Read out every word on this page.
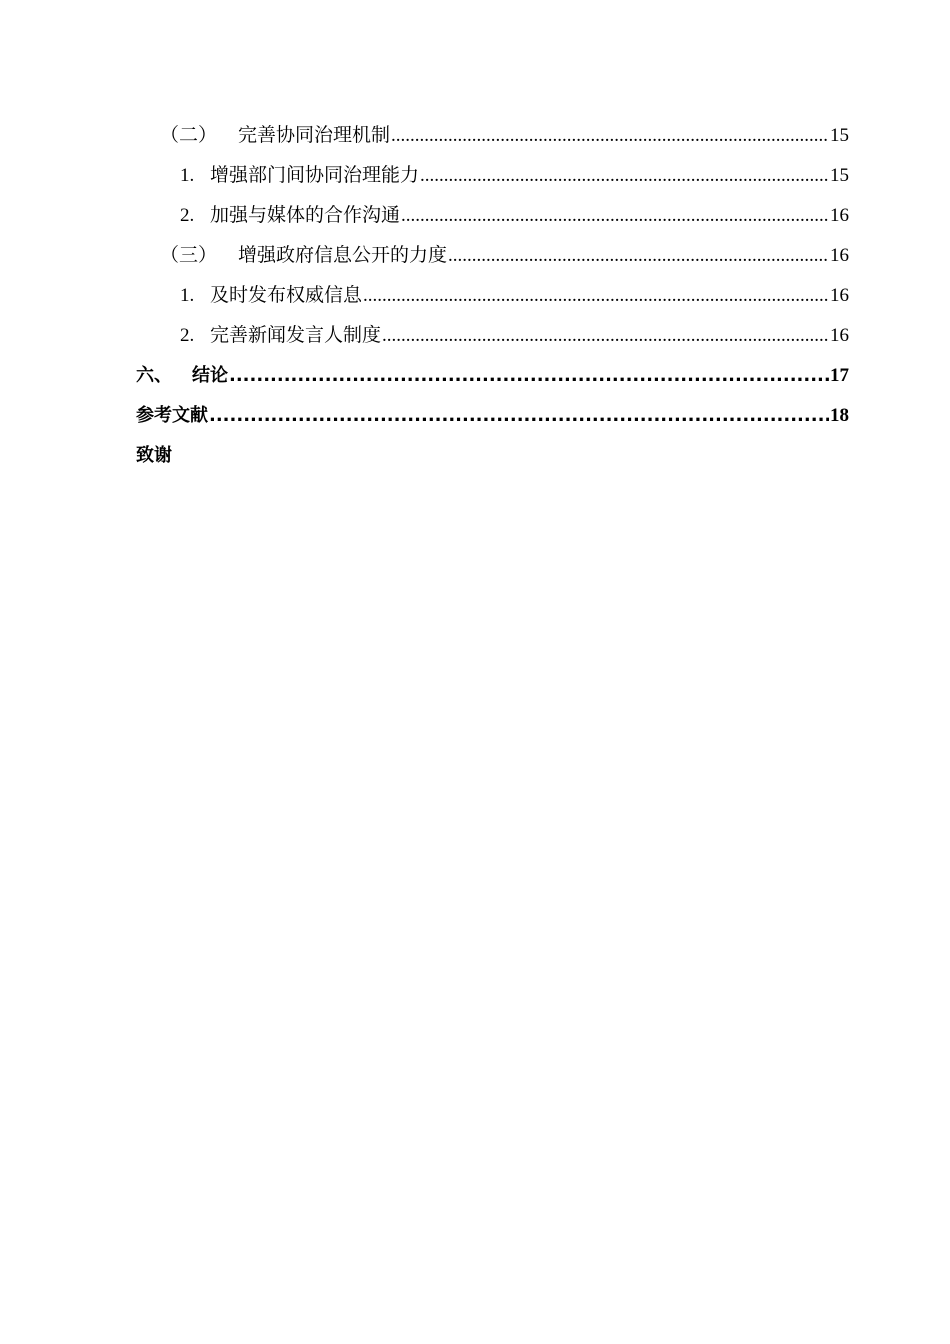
（二）	完善协同治理机制 .....	15
1. 增强部门间协同治理能力 .....	15
2. 加强与媒体的合作沟通 .....	16
（三）	增强政府信息公开的力度 .....	16
1. 及时发布权威信息 .....	16
2. 完善新闻发言人制度 .....	16
六、	结论 .....	17
参考文献 .....	18
致谢
